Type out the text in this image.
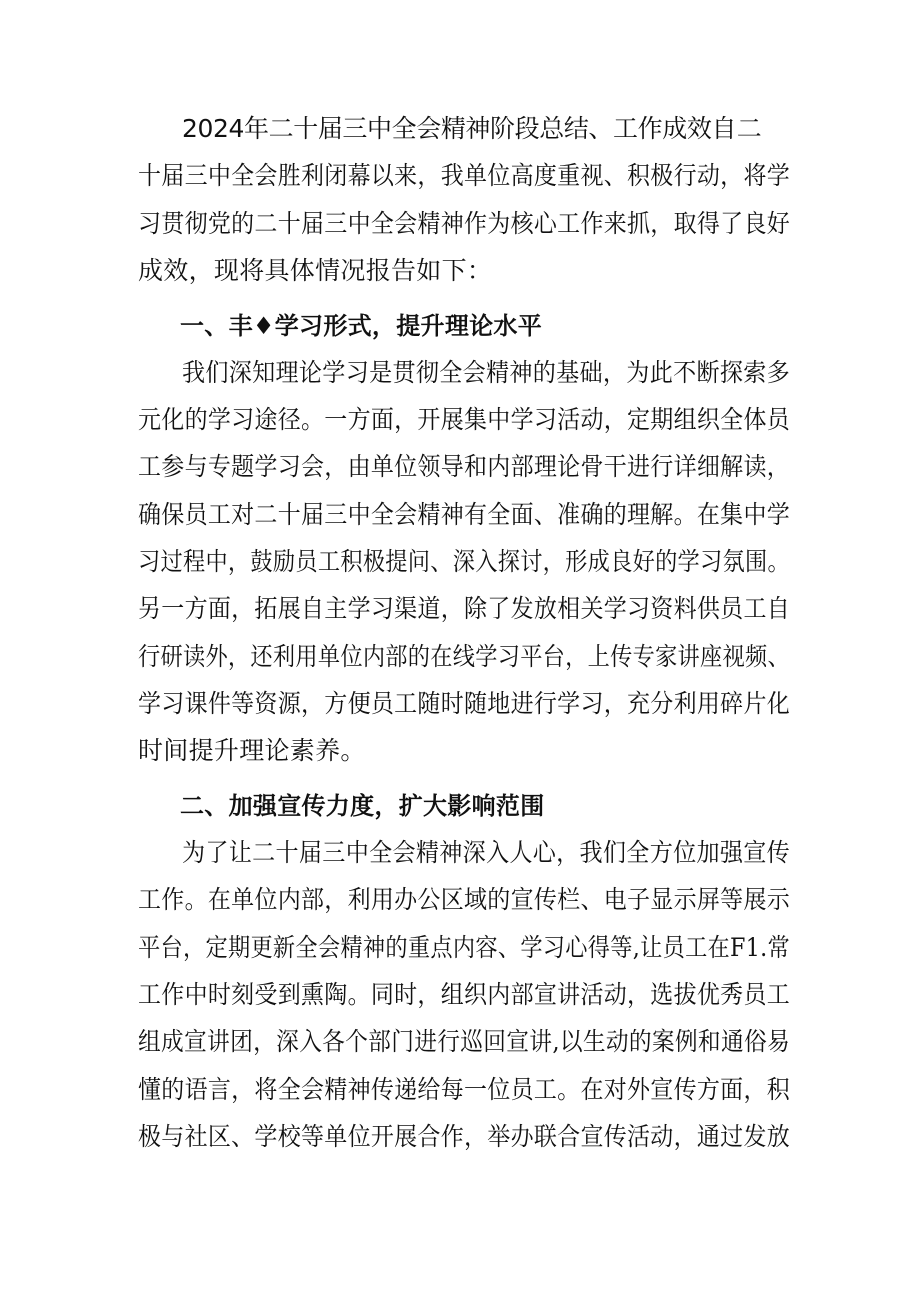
2024年二十届三中全会精神阶段总结、工作成效自二
十届三中全会胜利闭幕以来，我单位高度重视、积极行动，将学
习贯彻党的二十届三中全会精神作为核心工作来抓，取得了良好
成效，现将具体情况报告如下：
一、丰♦学习形式，提升理论水平
我们深知理论学习是贯彻全会精神的基础，为此不断探索多
元化的学习途径。一方面，开展集中学习活动，定期组织全体员
工参与专题学习会，由单位领导和内部理论骨干进行详细解读，
确保员工对二十届三中全会精神有全面、准确的理解。在集中学
习过程中，鼓励员工积极提问、深入探讨，形成良好的学习氛围。
另一方面，拓展自主学习渠道，除了发放相关学习资料供员工自
行研读外，还利用单位内部的在线学习平台，上传专家讲座视频、
学习课件等资源，方便员工随时随地进行学习，充分利用碎片化
时间提升理论素养。
二、加强宣传力度，扩大影响范围
为了让二十届三中全会精神深入人心，我们全方位加强宣传
工作。在单位内部，利用办公区域的宣传栏、电子显示屏等展示
平台，定期更新全会精神的重点内容、学习心得等,让员工在F1.常
工作中时刻受到熏陶。同时，组织内部宣讲活动，选拔优秀员工
组成宣讲团，深入各个部门进行巡回宣讲,以生动的案例和通俗易
懂的语言，将全会精神传递给每一位员工。在对外宣传方面，积
极与社区、学校等单位开展合作，举办联合宣传活动，通过发放
